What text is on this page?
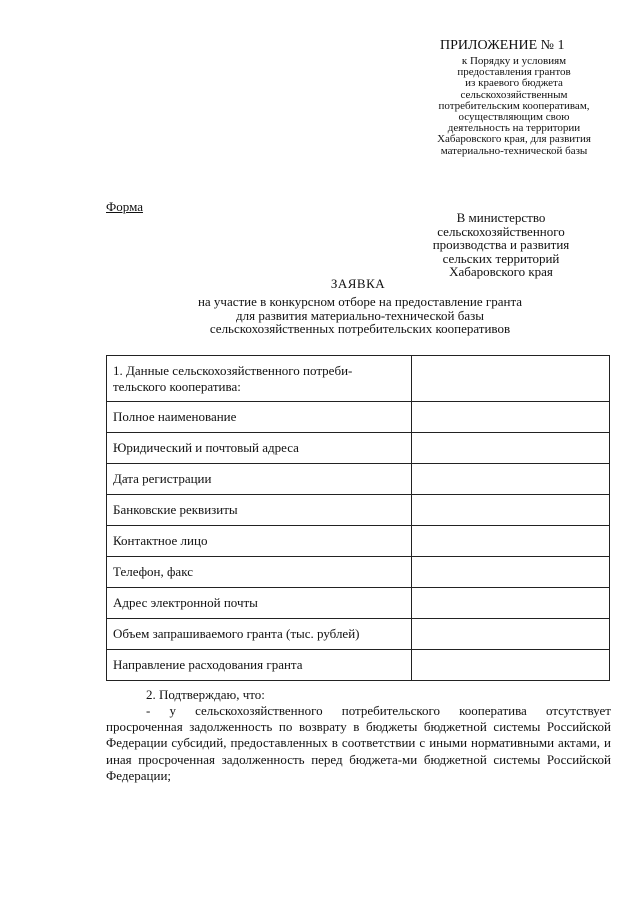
ПРИЛОЖЕНИЕ № 1
к Порядку и условиям
предоставления грантов
из краевого бюджета
сельскохозяйственным
потребительским кооперативам,
осуществляющим свою
деятельность на территории
Хабаровского края, для развития
материально-технической базы
Форма
В министерство
сельскохозяйственного
производства и развития
сельских территорий
Хабаровского края
ЗАЯВКА
на участие в конкурсном отборе на предоставление гранта
для развития материально-технической базы
сельскохозяйственных потребительских кооперативов
1. Данные сельскохозяйственного потреби-тельского кооператива:	
Полное наименование	
Юридический и почтовый адреса	
Дата регистрации	
Банковские реквизиты	
Контактное лицо	
Телефон, факс	
Адрес электронной почты	
Объем запрашиваемого гранта (тыс. рублей)	
Направление расходования гранта	
2. Подтверждаю, что:
- у сельскохозяйственного потребительского кооператива отсутствует просроченная задолженность по возврату в бюджеты бюджетной системы Российской Федерации субсидий, предоставленных в соответствии с иными нормативными актами, и иная просроченная задолженность перед бюджета-ми бюджетной системы Российской Федерации;
